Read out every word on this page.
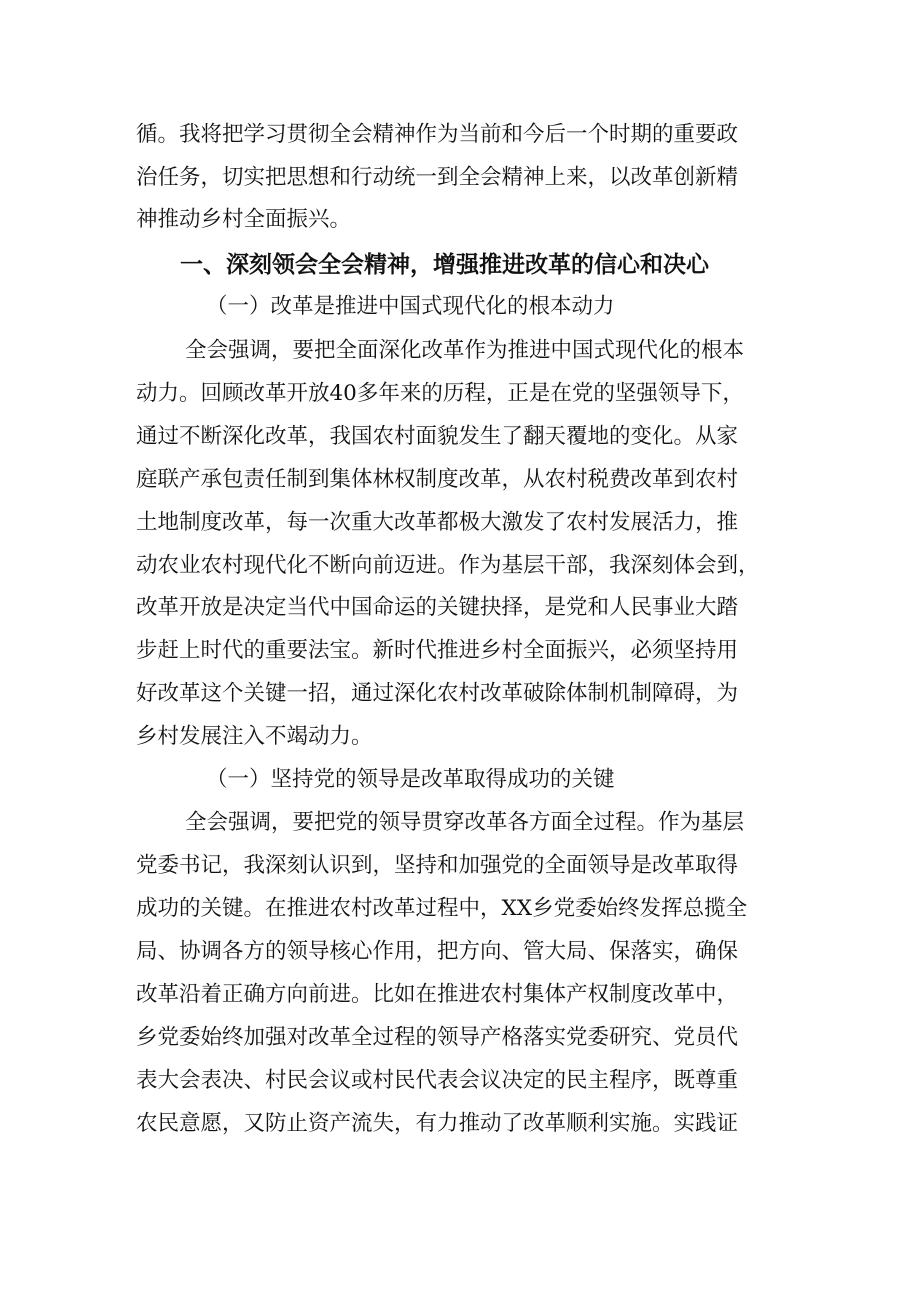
循。我将把学习贯彻全会精神作为当前和今后一个时期的重要政
治任务，切实把思想和行动统一到全会精神上来，以改革创新精
神推动乡村全面振兴。
一、深刻领会全会精神，增强推进改革的信心和决心
（一）改革是推进中国式现代化的根本动力
全会强调，要把全面深化改革作为推进中国式现代化的根本
动力。回顾改革开放40多年来的历程，正是在党的坚强领导下，
通过不断深化改革，我国农村面貌发生了翻天覆地的变化。从家
庭联产承包责任制到集体林权制度改革，从农村税费改革到农村
土地制度改革，每一次重大改革都极大激发了农村发展活力，推
动农业农村现代化不断向前迈进。作为基层干部，我深刻体会到，
改革开放是决定当代中国命运的关键抉择，是党和人民事业大踏
步赶上时代的重要法宝。新时代推进乡村全面振兴，必须坚持用
好改革这个关键一招，通过深化农村改革破除体制机制障碍，为
乡村发展注入不竭动力。
（一）坚持党的领导是改革取得成功的关键
全会强调，要把党的领导贯穿改革各方面全过程。作为基层
党委书记，我深刻认识到，坚持和加强党的全面领导是改革取得
成功的关键。在推进农村改革过程中，XX乡党委始终发挥总揽全
局、协调各方的领导核心作用，把方向、管大局、保落实，确保
改革沿着正确方向前进。比如在推进农村集体产权制度改革中，
乡党委始终加强对改革全过程的领导产格落实党委研究、党员代
表大会表决、村民会议或村民代表会议决定的民主程序，既尊重
农民意愿，又防止资产流失，有力推动了改革顺利实施。实践证
